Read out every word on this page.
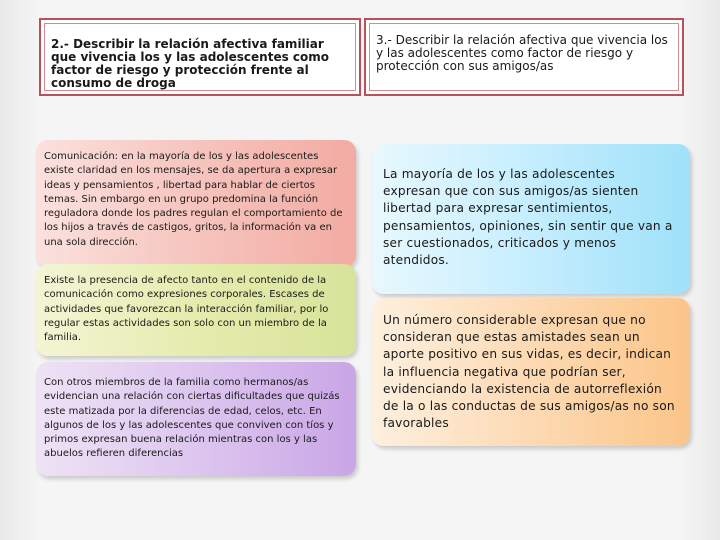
2.- Describir la relación afectiva familiar que vivencia los y las adolescentes como factor de riesgo y protección frente al consumo de droga

3.- Describir la relación afectiva que vivencia los y las adolescentes como factor de riesgo y protección con sus amigos/as

Comunicación: en la mayoría de los y las adolescentes existe claridad en los mensajes, se da apertura a expresar ideas y pensamientos , libertad para hablar de ciertos temas. Sin embargo en un grupo predomina la función reguladora donde los padres regulan el comportamiento de los hijos a través de castigos, gritos, la información va en una sola dirección.

Existe la presencia de afecto tanto en el contenido de la comunicación como expresiones corporales. Escases de actividades que favorezcan la interacción familiar, por lo regular estas actividades son solo con un miembro de la familia.

Con otros miembros de la familia como hermanos/as evidencian una relación con ciertas dificultades que quizás este matizada por la diferencias de edad, celos, etc. En algunos de los y las adolescentes que conviven con tíos y primos expresan buena relación mientras con los y las abuelos refieren diferencias

La mayoría de los y las adolescentes expresan que con sus amigos/as sienten libertad para expresar sentimientos, pensamientos, opiniones, sin sentir que van a ser cuestionados, criticados y menos atendidos.

Un número considerable expresan que no consideran que estas amistades sean un aporte positivo en sus vidas, es decir, indican la influencia negativa que podrían ser, evidenciando la existencia de autorreflexión de la o las conductas de sus amigos/as no son favorables
